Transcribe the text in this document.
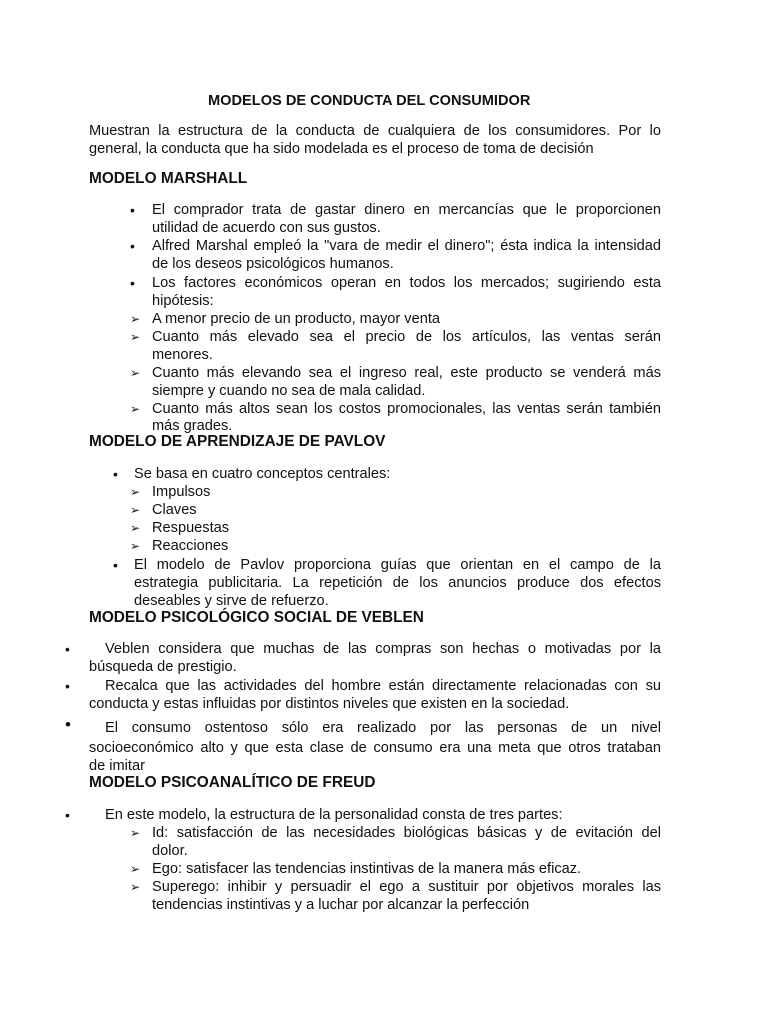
MODELOS DE CONDUCTA DEL CONSUMIDOR
Muestran la estructura de la conducta de cualquiera de los consumidores. Por lo
general, la conducta que ha sido modelada es el proceso de toma de decisión
MODELO MARSHALL
• El comprador trata de gastar dinero en mercancías que le proporcionen
utilidad de acuerdo con sus gustos.
• Alfred Marshal empleó la "vara de medir el dinero"; ésta indica la intensidad
de los deseos psicológicos humanos.
• Los factores económicos operan en todos los mercados; sugiriendo esta
hipótesis:
➢ A menor precio de un producto, mayor venta
➢ Cuanto más elevado sea el precio de los artículos, las ventas serán
menores.
➢ Cuanto más elevando sea el ingreso real, este producto se venderá más
siempre y cuando no sea de mala calidad.
➢ Cuanto más altos sean los costos promocionales, las ventas serán también
más grades.
MODELO DE APRENDIZAJE DE PAVLOV
• Se basa en cuatro conceptos centrales:
➢ Impulsos
➢ Claves
➢ Respuestas
➢ Reacciones
• El modelo de Pavlov proporciona guías que orientan en el campo de la
estrategia publicitaria. La repetición de los anuncios produce dos efectos
deseables y sirve de refuerzo.
MODELO PSICOLÓGICO SOCIAL DE VEBLEN
• Veblen considera que muchas de las compras son hechas o motivadas por la
búsqueda de prestigio.
• Recalca que las actividades del hombre están directamente relacionadas con su
conducta y estas influidas por distintos niveles que existen en la sociedad.
• El consumo ostentoso sólo era realizado por las personas de un nivel
socioeconómico alto y que esta clase de consumo era una meta que otros trataban
de imitar
MODELO PSICOANALÍTICO DE FREUD
• En este modelo, la estructura de la personalidad consta de tres partes:
➢ Id: satisfacción de las necesidades biológicas básicas y de evitación del
dolor.
➢ Ego: satisfacer las tendencias instintivas de la manera más eficaz.
➢ Superego: inhibir y persuadir el ego a sustituir por objetivos morales las
tendencias instintivas y a luchar por alcanzar la perfección
